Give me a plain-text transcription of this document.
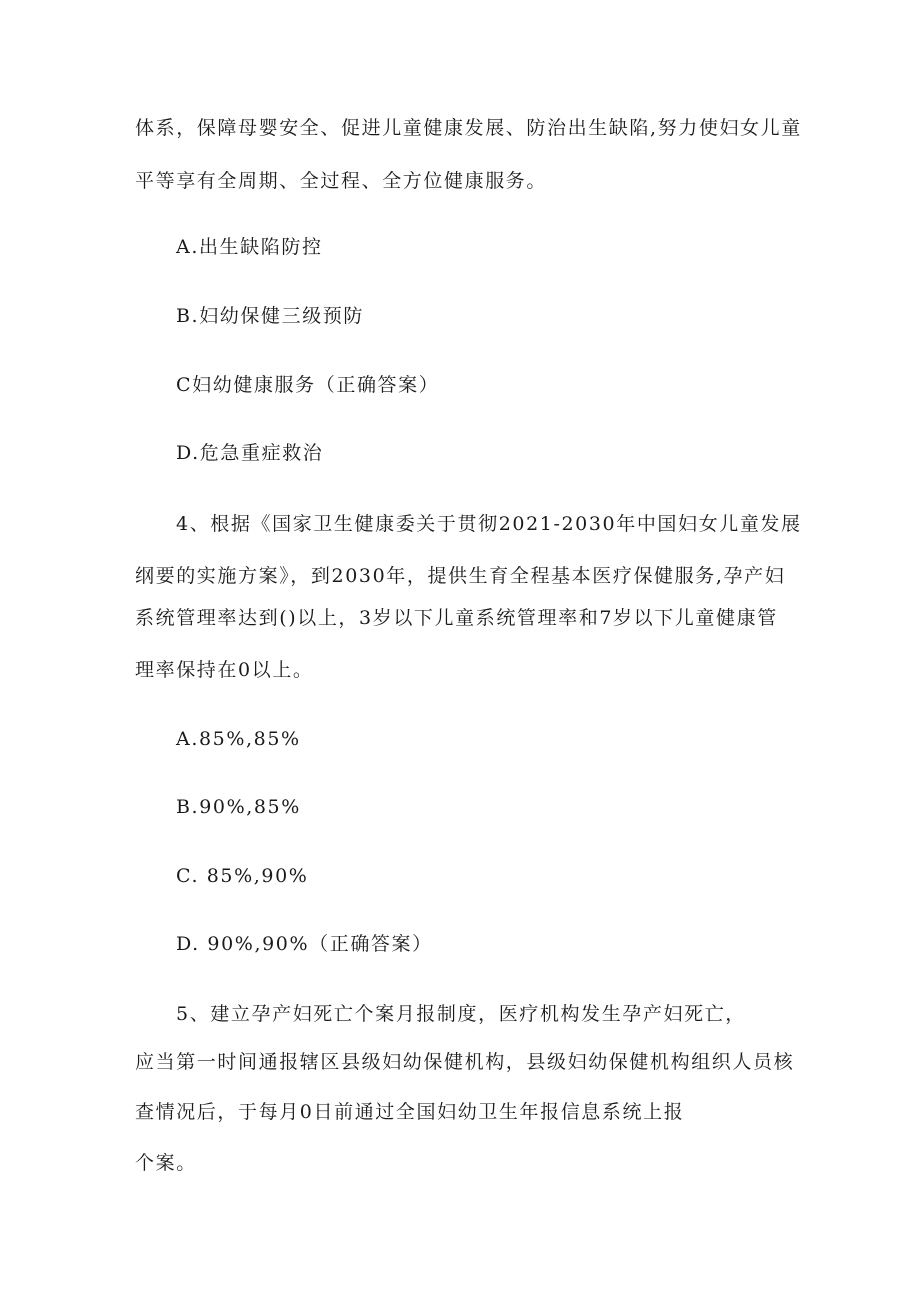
体系，保障母婴安全、促进儿童健康发展、防治出生缺陷,努力使妇女儿童
平等享有全周期、全过程、全方位健康服务。
A.出生缺陷防控
B.妇幼保健三级预防
C妇幼健康服务（正确答案）
D.危急重症救治
4、根据《国家卫生健康委关于贯彻2021-2030年中国妇女儿童发展
纲要的实施方案》，到2030年，提供生育全程基本医疗保健服务,孕产妇
系统管理率达到()以上，3岁以下儿童系统管理率和7岁以下儿童健康管
理率保持在0以上。
A.85%,85%
B.90%,85%
C. 85%,90%
D. 90%,90%（正确答案）
5、建立孕产妇死亡个案月报制度，医疗机构发生孕产妇死亡，
应当第一时间通报辖区县级妇幼保健机构，县级妇幼保健机构组织人员核
查情况后，于每月0日前通过全国妇幼卫生年报信息系统上报
个案。
